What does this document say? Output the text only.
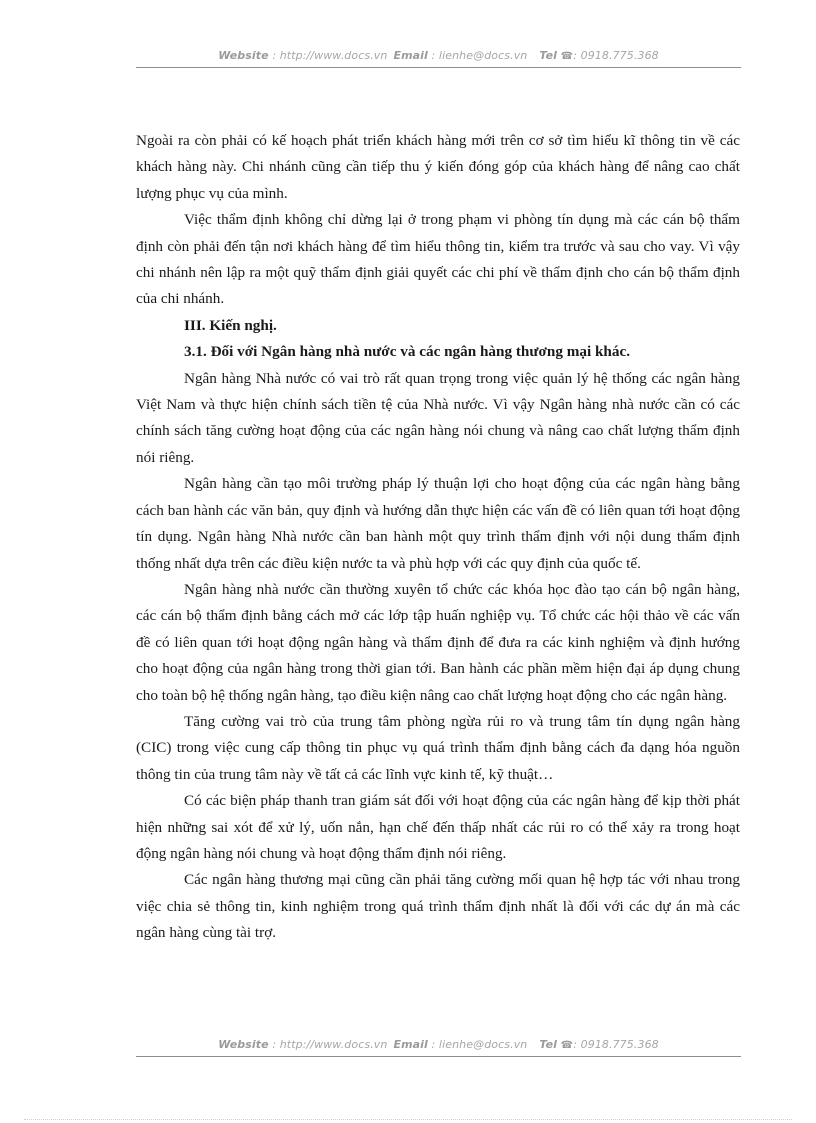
Website : http://www.docs.vn Email : lienhe@docs.vn Tel ☎: 0918.775.368

Ngoài ra còn phải có kế hoạch phát triển khách hàng mới trên cơ sở tìm hiểu kĩ thông tin về các khách hàng này. Chi nhánh cũng cần tiếp thu ý kiến đóng góp của khách hàng để nâng cao chất lượng phục vụ của mình.

Việc thẩm định không chỉ dừng lại ở trong phạm vi phòng tín dụng mà các cán bộ thẩm định còn phải đến tận nơi khách hàng để tìm hiểu thông tin, kiểm tra trước và sau cho vay. Vì vậy chi nhánh nên lập ra một quỹ thẩm định giải quyết các chi phí về thẩm định cho cán bộ thẩm định của chi nhánh.

III. Kiến nghị.

3.1. Đối với Ngân hàng nhà nước và các ngân hàng thương mại khác.

Ngân hàng Nhà nước có vai trò rất quan trọng trong việc quản lý hệ thống các ngân hàng Việt Nam và thực hiện chính sách tiền tệ của Nhà nước. Vì vậy Ngân hàng nhà nước cần có các chính sách tăng cường hoạt động của các ngân hàng nói chung và nâng cao chất lượng thẩm định nói riêng.

Ngân hàng cần tạo môi trường pháp lý thuận lợi cho hoạt động của các ngân hàng bằng cách ban hành các văn bản, quy định và hướng dẫn thực hiện các vấn đề có liên quan tới hoạt động tín dụng. Ngân hàng Nhà nước cần ban hành một quy trình thẩm định với nội dung thẩm định thống nhất dựa trên các điều kiện nước ta và phù hợp với các quy định của quốc tế.

Ngân hàng nhà nước cần thường xuyên tổ chức các khóa học đào tạo cán bộ ngân hàng, các cán bộ thẩm định bằng cách mở các lớp tập huấn nghiệp vụ. Tổ chức các hội thảo về các vấn đề có liên quan tới hoạt động ngân hàng và thẩm định để đưa ra các kinh nghiệm và định hướng cho hoạt động của ngân hàng trong thời gian tới. Ban hành các phần mềm hiện đại áp dụng chung cho toàn bộ hệ thống ngân hàng, tạo điều kiện nâng cao chất lượng hoạt động cho các ngân hàng.

Tăng cường vai trò của trung tâm phòng ngừa rủi ro và trung tâm tín dụng ngân hàng (CIC) trong việc cung cấp thông tin phục vụ quá trình thẩm định bằng cách đa dạng hóa nguồn thông tin của trung tâm này về tất cả các lĩnh vực kinh tế, kỹ thuật…

Có các biện pháp thanh tran giám sát đối với hoạt động của các ngân hàng để kịp thời phát hiện những sai xót để xử lý, uốn nắn, hạn chế đến thấp nhất các rủi ro có thể xảy ra trong hoạt động ngân hàng nói chung và hoạt động thẩm định nói riêng.

Các ngân hàng thương mại cũng cần phải tăng cường mối quan hệ hợp tác với nhau trong việc chia sẻ thông tin, kinh nghiệm trong quá trình thẩm định nhất là đối với các dự án mà các ngân hàng cùng tài trợ.

Website : http://www.docs.vn Email : lienhe@docs.vn Tel ☎: 0918.775.368
